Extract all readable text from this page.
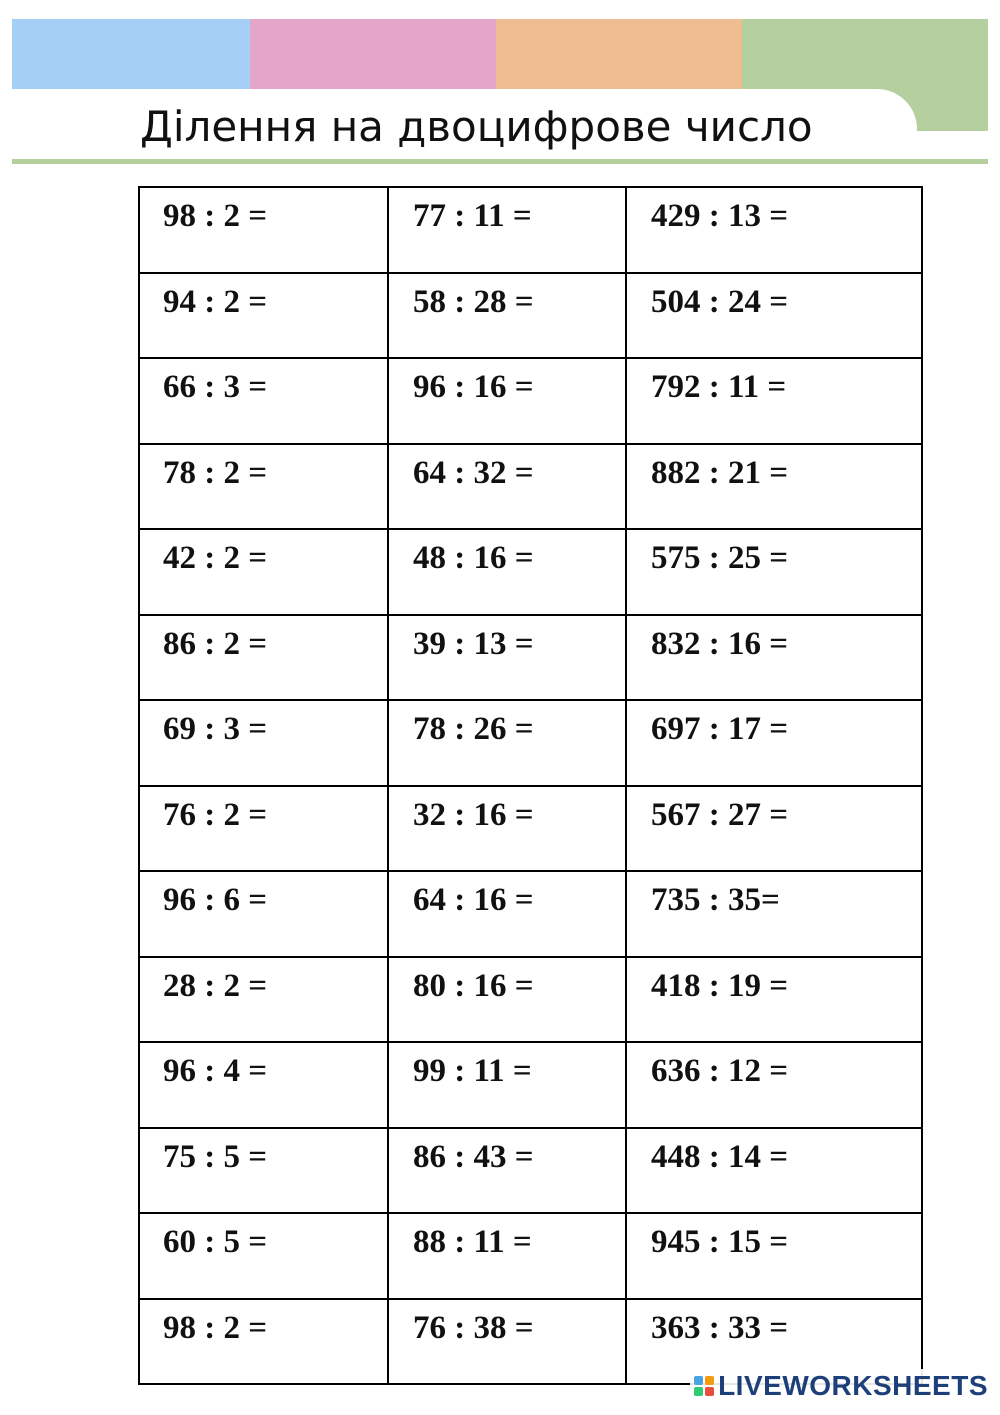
Ділення на двоцифрове число
98 : 2 =	77 : 11 =	429 : 13 =
94 : 2 =	58 : 28 =	504 : 24 =
66 : 3 =	96 : 16 =	792 : 11 =
78 : 2 =	64 : 32 =	882 : 21 =
42 : 2 =	48 : 16 =	575 : 25 =
86 : 2 =	39 : 13 =	832 : 16 =
69 : 3 =	78 : 26 =	697 : 17 =
76 : 2 =	32 : 16 =	567 : 27 =
96 : 6 =	64 : 16 =	735 : 35=
28 : 2 =	80 : 16 =	418 : 19 =
96 : 4 =	99 : 11 =	636 : 12 =
75 : 5 =	86 : 43 =	448 : 14 =
60 : 5 =	88 : 11 =	945 : 15 =
98 : 2 =	76 : 38 =	363 : 33 =
LIVEWORKSHEETS
